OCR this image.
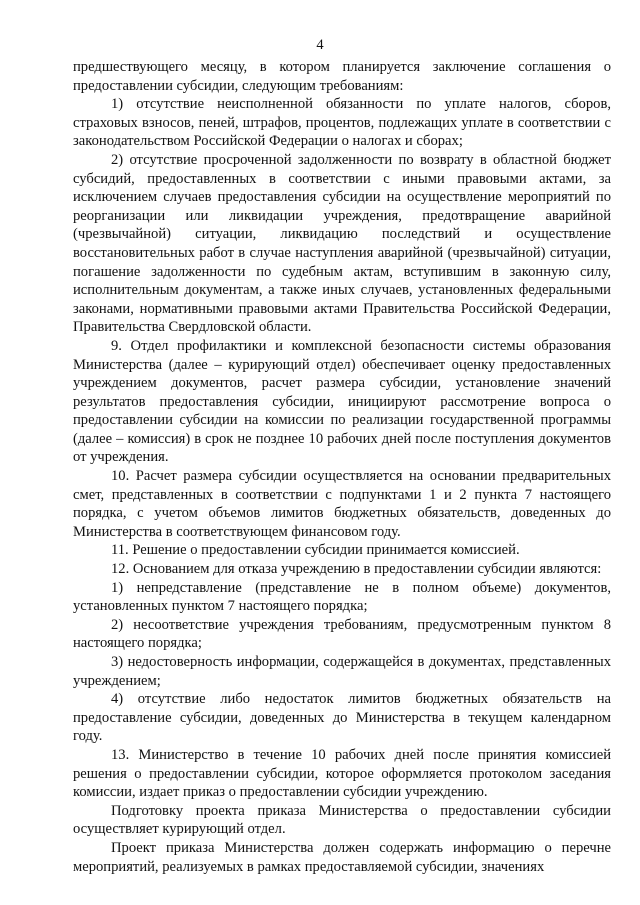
4

предшествующего месяцу, в котором планируется заключение соглашения о предоставлении субсидии, следующим требованиям:

1) отсутствие неисполненной обязанности по уплате налогов, сборов, страховых взносов, пеней, штрафов, процентов, подлежащих уплате в соответствии с законодательством Российской Федерации о налогах и сборах;

2) отсутствие просроченной задолженности по возврату в областной бюджет субсидий, предоставленных в соответствии с иными правовыми актами, за исключением случаев предоставления субсидии на осуществление мероприятий по реорганизации или ликвидации учреждения, предотвращение аварийной (чрезвычайной) ситуации, ликвидацию последствий и осуществление восстановительных работ в случае наступления аварийной (чрезвычайной) ситуации, погашение задолженности по судебным актам, вступившим в законную силу, исполнительным документам, а также иных случаев, установленных федеральными законами, нормативными правовыми актами Правительства Российской Федерации, Правительства Свердловской области.

9. Отдел профилактики и комплексной безопасности системы образования Министерства (далее – курирующий отдел) обеспечивает оценку предоставленных учреждением документов, расчет размера субсидии, установление значений результатов предоставления субсидии, инициируют рассмотрение вопроса о предоставлении субсидии на комиссии по реализации государственной программы (далее – комиссия) в срок не позднее 10 рабочих дней после поступления документов от учреждения.

10. Расчет размера субсидии осуществляется на основании предварительных смет, представленных в соответствии с подпунктами 1 и 2 пункта 7 настоящего порядка, с учетом объемов лимитов бюджетных обязательств, доведенных до Министерства в соответствующем финансовом году.

11. Решение о предоставлении субсидии принимается комиссией.

12. Основанием для отказа учреждению в предоставлении субсидии являются:

1) непредставление (представление не в полном объеме) документов, установленных пунктом 7 настоящего порядка;

2) несоответствие учреждения требованиям, предусмотренным пунктом 8 настоящего порядка;

3) недостоверность информации, содержащейся в документах, представленных учреждением;

4) отсутствие либо недостаток лимитов бюджетных обязательств на предоставление субсидии, доведенных до Министерства в текущем календарном году.

13. Министерство в течение 10 рабочих дней после принятия комиссией решения о предоставлении субсидии, которое оформляется протоколом заседания комиссии, издает приказ о предоставлении субсидии учреждению.

Подготовку проекта приказа Министерства о предоставлении субсидии осуществляет курирующий отдел.

Проект приказа Министерства должен содержать информацию о перечне мероприятий, реализуемых в рамках предоставляемой субсидии, значениях
